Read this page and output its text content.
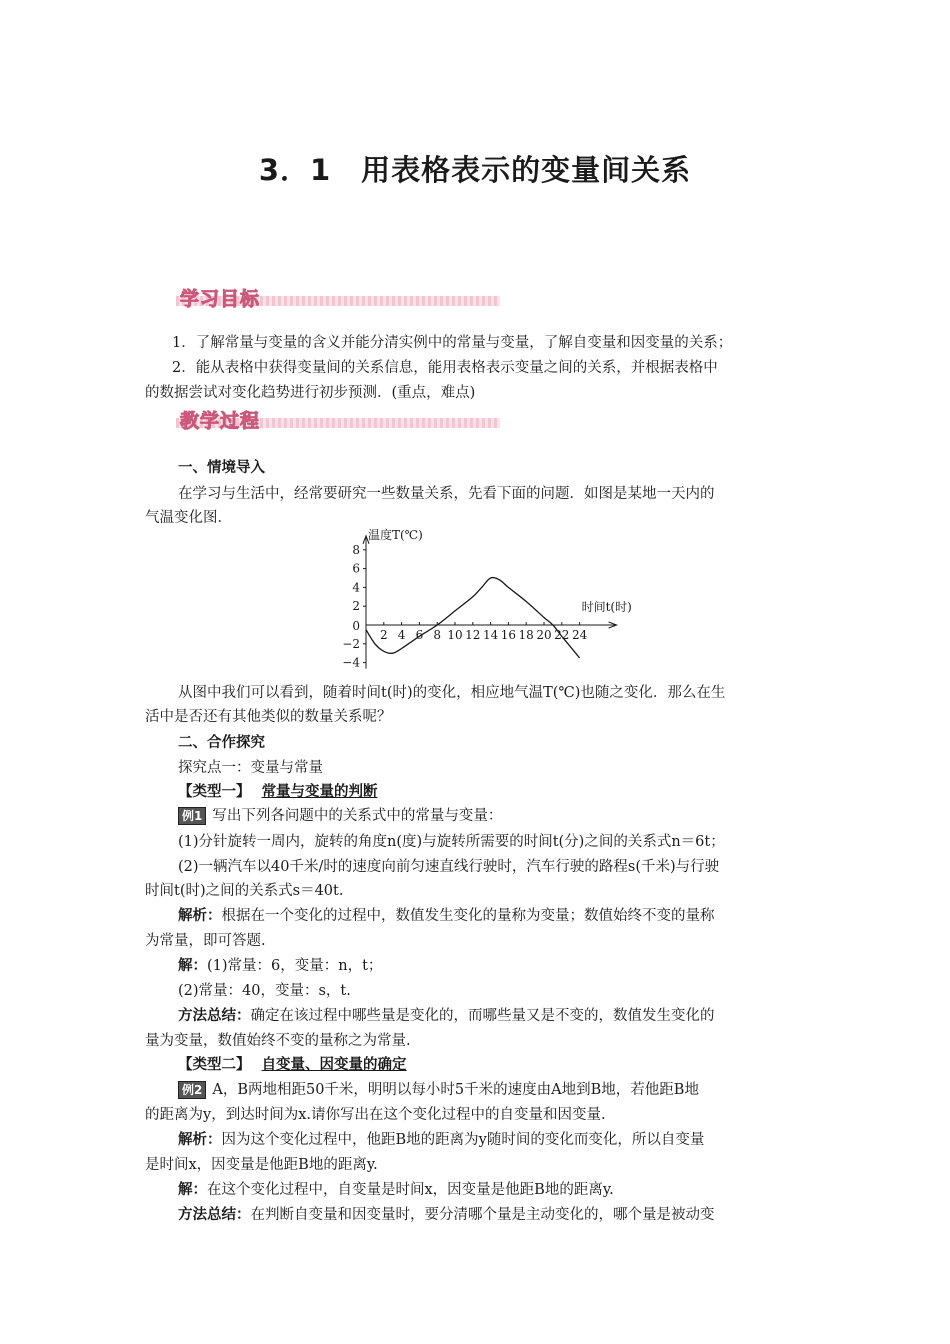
3．1　用表格表示的变量间关系
学习目标
1．了解常量与变量的含义并能分清实例中的常量与变量，了解自变量和因变量的关系；
2．能从表格中获得变量间的关系信息，能用表格表示变量之间的关系，并根据表格中
的数据尝试对变化趋势进行初步预测．(重点，难点)
教学过程
一、情境导入
在学习与生活中，经常要研究一些数量关系，先看下面的问题．如图是某地一天内的
气温变化图．
8
6
4
2
−2
−4
2 4 6 8 10 12 14 16 18 20 22 24
温度T(℃)
时间t(时)
0
从图中我们可以看到，随着时间t(时)的变化，相应地气温T(℃)也随之变化．那么在生
活中是否还有其他类似的数量关系呢？
二、合作探究
探究点一：变量与常量
【类型一】 常量与变量的判断
例1 写出下列各问题中的关系式中的常量与变量：
(1)分针旋转一周内，旋转的角度n(度)与旋转所需要的时间t(分)之间的关系式n＝6t；
(2)一辆汽车以40千米/时的速度向前匀速直线行驶时，汽车行驶的路程s(千米)与行驶
时间t(时)之间的关系式s＝40t.
解析：根据在一个变化的过程中，数值发生变化的量称为变量；数值始终不变的量称
为常量，即可答题.
解：(1)常量：6，变量：n，t；
(2)常量：40，变量：s，t.
方法总结：确定在该过程中哪些量是变化的，而哪些量又是不变的，数值发生变化的
量为变量，数值始终不变的量称之为常量.
【类型二】 自变量、因变量的确定
例2 A，B两地相距50千米，明明以每小时5千米的速度由A地到B地，若他距B地
的距离为y，到达时间为x.请你写出在这个变化过程中的自变量和因变量.
解析：因为这个变化过程中，他距B地的距离为y随时间的变化而变化，所以自变量
是时间x，因变量是他距B地的距离y.
解：在这个变化过程中，自变量是时间x，因变量是他距B地的距离y.
方法总结：在判断自变量和因变量时，要分清哪个量是主动变化的，哪个量是被动变
